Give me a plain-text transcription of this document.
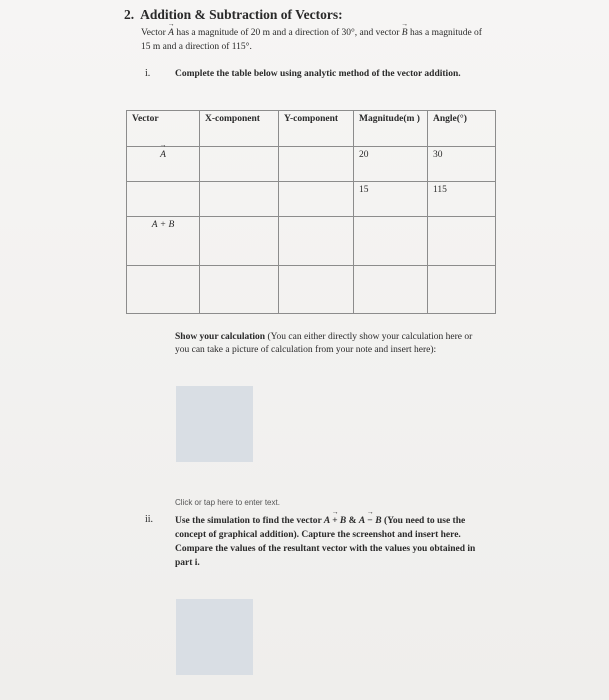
2. Addition & Subtraction of Vectors:
Vector → A has a magnitude of 20 m and a direction of 30°, and vector → B has a magnitude of 15 m and a direction of 115°.
i.	Complete the table below using analytic method of the vector addition.
Vector	X-component	Y-component	Magnitude(m )	Angle(°)
→ A			20	30
			15	115
A + B				

Show your calculation (You can either directly show your calculation here or you can take a picture of calculation from your note and insert here):
Click or tap here to enter text.
ii. Use the simulation to find the vector → A + B & → A − B (You need to use the concept of graphical addition). Capture the screenshot and insert here. Compare the values of the resultant vector with the values you obtained in part i.
